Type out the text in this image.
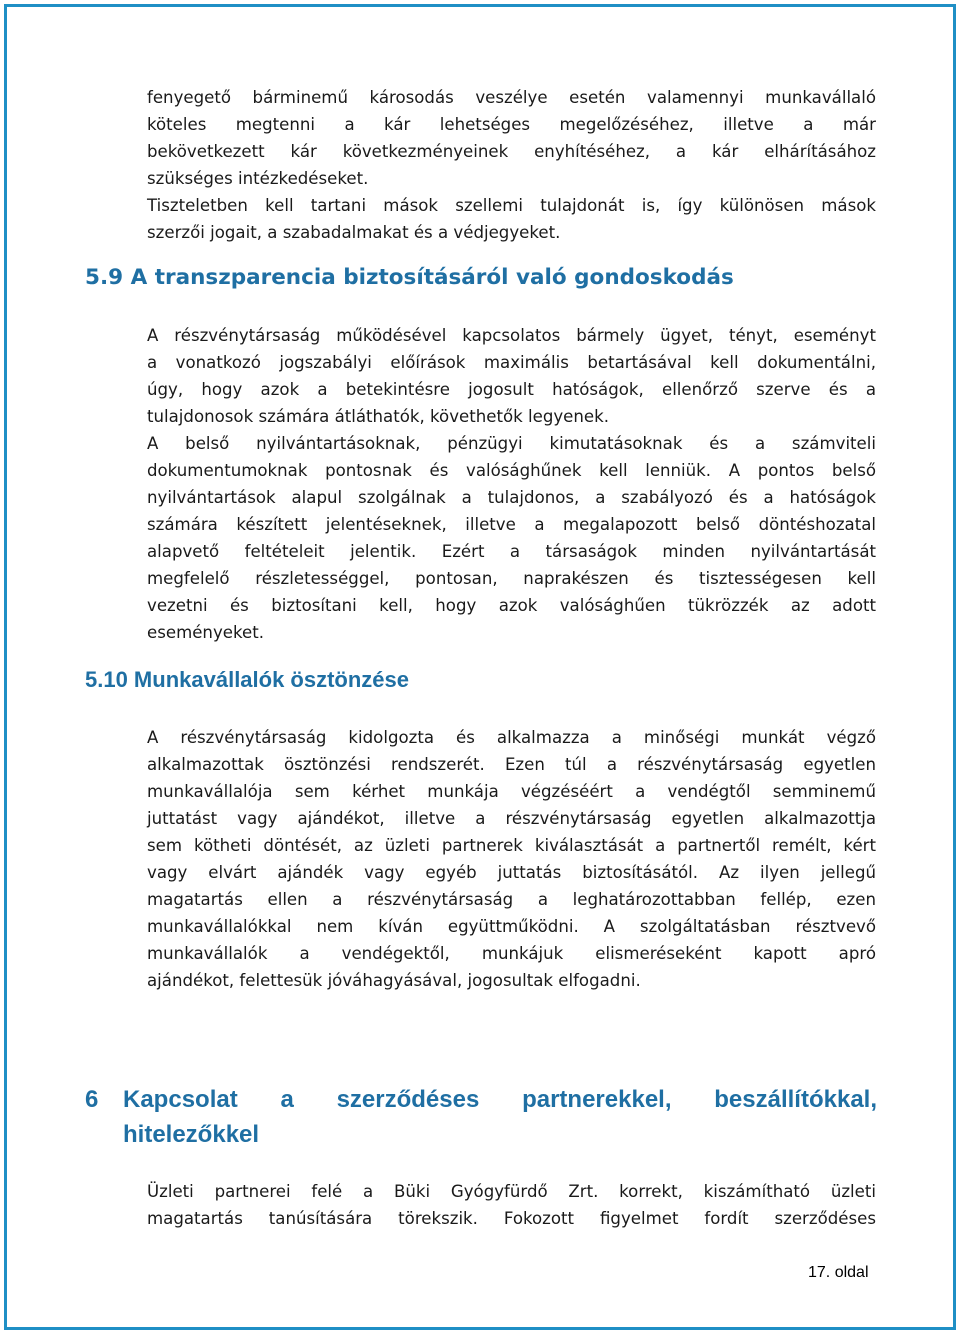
fenyegető bárminemű károsodás veszélye esetén valamennyi munkavállaló
köteles megtenni a kár lehetséges megelőzéséhez, illetve a már
bekövetkezett kár következményeinek enyhítéséhez, a kár elhárításához
szükséges intézkedéseket.
Tiszteletben kell tartani mások szellemi tulajdonát is, így különösen mások
szerzői jogait, a szabadalmakat és a védjegyeket.
5.9 A transzparencia biztosításáról való gondoskodás
A részvénytársaság működésével kapcsolatos bármely ügyet, tényt, eseményt
a vonatkozó jogszabályi előírások maximális betartásával kell dokumentálni,
úgy, hogy azok a betekintésre jogosult hatóságok, ellenőrző szerve és a
tulajdonosok számára átláthatók, követhetők legyenek.
A belső nyilvántartásoknak, pénzügyi kimutatásoknak és a számviteli
dokumentumoknak pontosnak és valósághűnek kell lenniük. A pontos belső
nyilvántartások alapul szolgálnak a tulajdonos, a szabályozó és a hatóságok
számára készített jelentéseknek, illetve a megalapozott belső döntéshozatal
alapvető feltételeit jelentik. Ezért a társaságok minden nyilvántartását
megfelelő részletességgel, pontosan, naprakészen és tisztességesen kell
vezetni és biztosítani kell, hogy azok valósághűen tükrözzék az adott
eseményeket.
5.10 Munkavállalók ösztönzése
A részvénytársaság kidolgozta és alkalmazza a minőségi munkát végző
alkalmazottak ösztönzési rendszerét. Ezen túl a részvénytársaság egyetlen
munkavállalója sem kérhet munkája végzéséért a vendégtől semminemű
juttatást vagy ajándékot, illetve a részvénytársaság egyetlen alkalmazottja
sem kötheti döntését, az üzleti partnerek kiválasztását a partnertől remélt, kért
vagy elvárt ajándék vagy egyéb juttatás biztosításától. Az ilyen jellegű
magatartás ellen a részvénytársaság a leghatározottabban fellép, ezen
munkavállalókkal nem kíván együttműködni. A szolgáltatásban résztvevő
munkavállalók a vendégektől, munkájuk elismeréseként kapott apró
ajándékot, felettesük jóváhagyásával, jogosultak elfogadni.
6 Kapcsolat a szerződéses partnerekkel, beszállítókkal,
hitelezőkkel
Üzleti partnerei felé a Büki Gyógyfürdő Zrt. korrekt, kiszámítható üzleti
magatartás tanúsítására törekszik. Fokozott figyelmet fordít szerződéses
17. oldal
